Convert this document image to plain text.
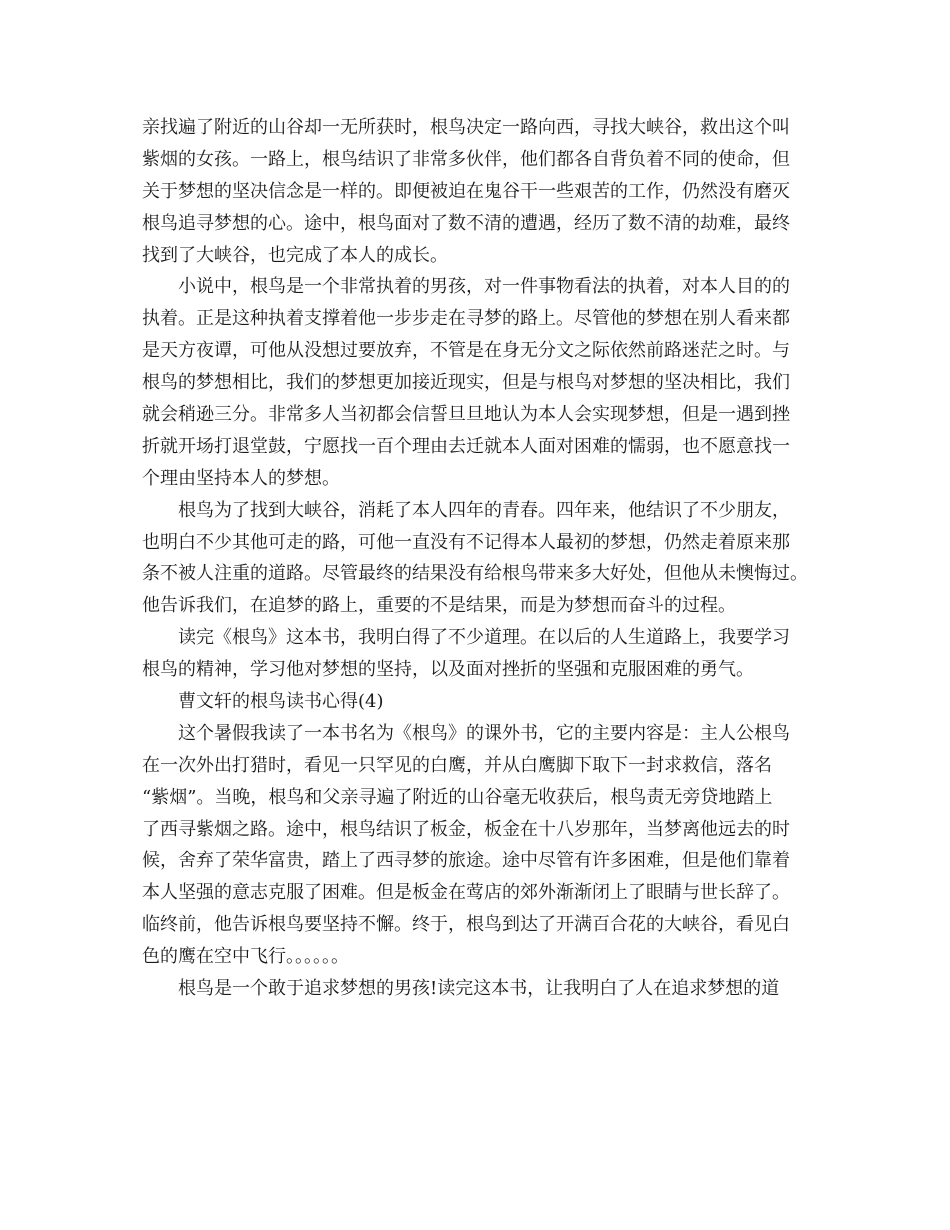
亲找遍了附近的山谷却一无所获时，根鸟决定一路向西，寻找大峡谷，救出这个叫
紫烟的女孩。一路上，根鸟结识了非常多伙伴，他们都各自背负着不同的使命，但
关于梦想的坚决信念是一样的。即便被迫在鬼谷干一些艰苦的工作，仍然没有磨灭
根鸟追寻梦想的心。途中，根鸟面对了数不清的遭遇，经历了数不清的劫难，最终
找到了大峡谷，也完成了本人的成长。
小说中，根鸟是一个非常执着的男孩，对一件事物看法的执着，对本人目的的
执着。正是这种执着支撑着他一步步走在寻梦的路上。尽管他的梦想在别人看来都
是天方夜谭，可他从没想过要放弃，不管是在身无分文之际依然前路迷茫之时。与
根鸟的梦想相比，我们的梦想更加接近现实，但是与根鸟对梦想的坚决相比，我们
就会稍逊三分。非常多人当初都会信誓旦旦地认为本人会实现梦想，但是一遇到挫
折就开场打退堂鼓，宁愿找一百个理由去迁就本人面对困难的懦弱，也不愿意找一
个理由坚持本人的梦想。
根鸟为了找到大峡谷，消耗了本人四年的青春。四年来，他结识了不少朋友，
也明白不少其他可走的路，可他一直没有不记得本人最初的梦想，仍然走着原来那
条不被人注重的道路。尽管最终的结果没有给根鸟带来多大好处，但他从未懊悔过。
他告诉我们，在追梦的路上，重要的不是结果，而是为梦想而奋斗的过程。
读完《根鸟》这本书，我明白得了不少道理。在以后的人生道路上，我要学习
根鸟的精神，学习他对梦想的坚持，以及面对挫折的坚强和克服困难的勇气。
曹文轩的根鸟读书心得(4)
这个暑假我读了一本书名为《根鸟》的课外书，它的主要内容是：主人公根鸟
在一次外出打猎时，看见一只罕见的白鹰，并从白鹰脚下取下一封求救信，落名
“紫烟”。当晚，根鸟和父亲寻遍了附近的山谷毫无收获后，根鸟责无旁贷地踏上
了西寻紫烟之路。途中，根鸟结识了板金，板金在十八岁那年，当梦离他远去的时
候，舍弃了荣华富贵，踏上了西寻梦的旅途。途中尽管有许多困难，但是他们靠着
本人坚强的意志克服了困难。但是板金在莺店的郊外渐渐闭上了眼睛与世长辞了。
临终前，他告诉根鸟要坚持不懈。终于，根鸟到达了开满百合花的大峡谷，看见白
色的鹰在空中飞行。。。。。。
根鸟是一个敢于追求梦想的男孩!读完这本书，让我明白了人在追求梦想的道
